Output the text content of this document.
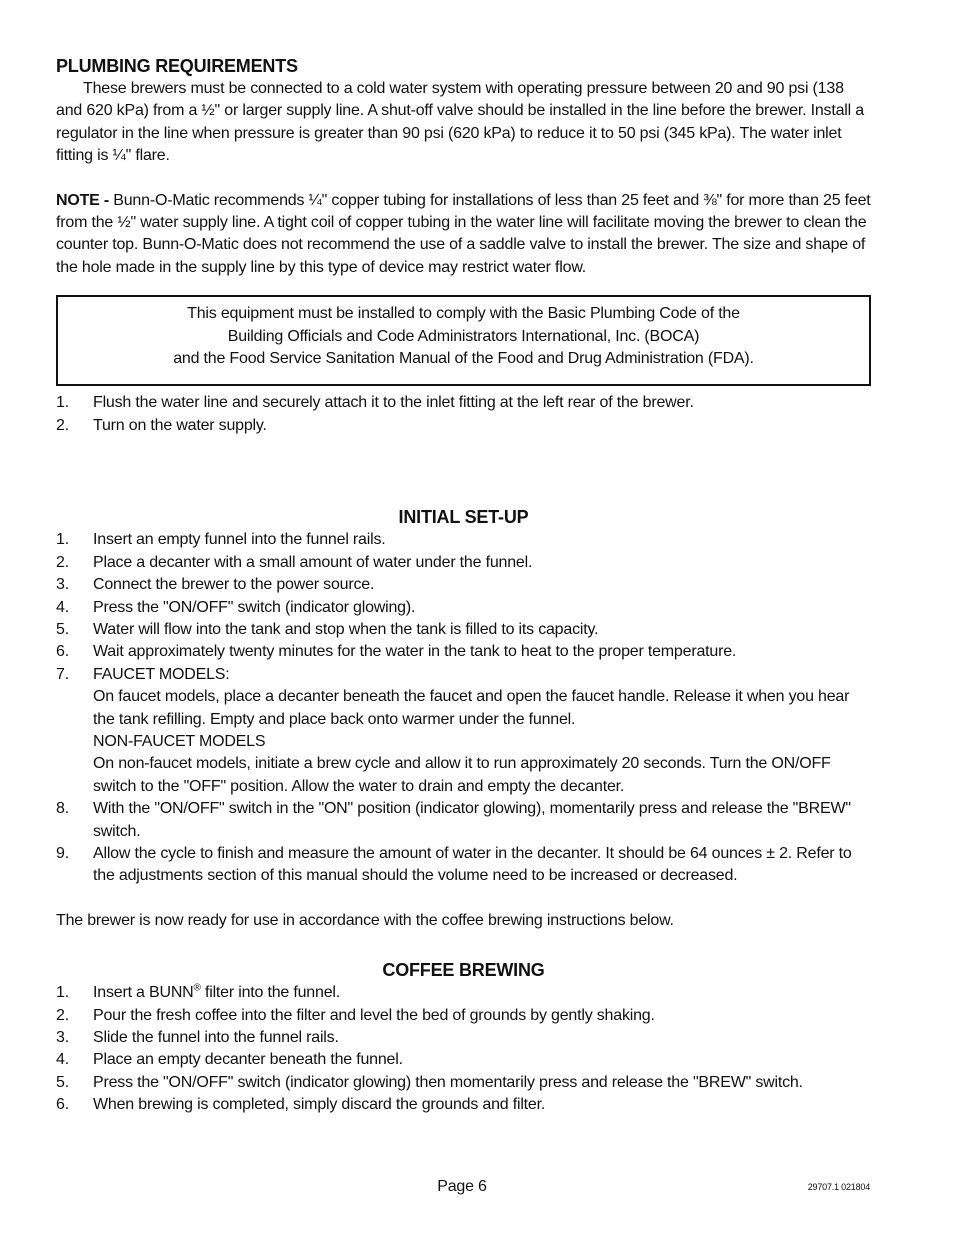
PLUMBING REQUIREMENTS

These brewers must be connected to a cold water system with operating pressure between 20 and 90 psi (138 and 620 kPa) from a ½" or larger supply line. A shut-off valve should be installed in the line before the brewer. Install a regulator in the line when pressure is greater than 90 psi (620 kPa) to reduce it to 50 psi (345 kPa). The water inlet fitting is ¼" flare.

NOTE - Bunn-O-Matic recommends ¼" copper tubing for installations of less than 25 feet and ⅜" for more than 25 feet from the ½" water supply line. A tight coil of copper tubing in the water line will facilitate moving the brewer to clean the counter top. Bunn-O-Matic does not recommend the use of a saddle valve to install the brewer. The size and shape of the hole made in the supply line by this type of device may restrict water flow.

This equipment must be installed to comply with the Basic Plumbing Code of the
Building Officials and Code Administrators International, Inc. (BOCA)
and the Food Service Sanitation Manual of the Food and Drug Administration (FDA).
1.	Flush the water line and securely attach it to the inlet fitting at the left rear of the brewer.
2.	Turn on the water supply.
INITIAL SET-UP
1.	Insert an empty funnel into the funnel rails.
2.	Place a decanter with a small amount of water under the funnel.
3.	Connect the brewer to the power source.
4.	Press the "ON/OFF" switch (indicator glowing).
5.	Water will flow into the tank and stop when the tank is filled to its capacity.
6.	Wait approximately twenty minutes for the water in the tank to heat to the proper temperature.
7.	FAUCET MODELS:
On faucet models, place a decanter beneath the faucet and open the faucet handle. Release it when you hear the tank refilling. Empty and place back onto warmer under the funnel.
NON-FAUCET MODELS
On non-faucet models, initiate a brew cycle and allow it to run approximately 20 seconds. Turn the ON/OFF switch to the "OFF" position. Allow the water to drain and empty the decanter.
8.	With the "ON/OFF" switch in the "ON" position (indicator glowing), momentarily press and release the "BREW" switch.
9.	Allow the cycle to finish and measure the amount of water in the decanter. It should be 64 ounces ± 2. Refer to the adjustments section of this manual should the volume need to be increased or decreased.

The brewer is now ready for use in accordance with the coffee brewing instructions below.

COFFEE BREWING
1.	Insert a BUNN® filter into the funnel.
2.	Pour the fresh coffee into the filter and level the bed of grounds by gently shaking.
3.	Slide the funnel into the funnel rails.
4.	Place an empty decanter beneath the funnel.
5.	Press the "ON/OFF" switch (indicator glowing) then momentarily press and release the "BREW" switch.
6.	When brewing is completed, simply discard the grounds and filter.
Page 6	29707.1 021804
